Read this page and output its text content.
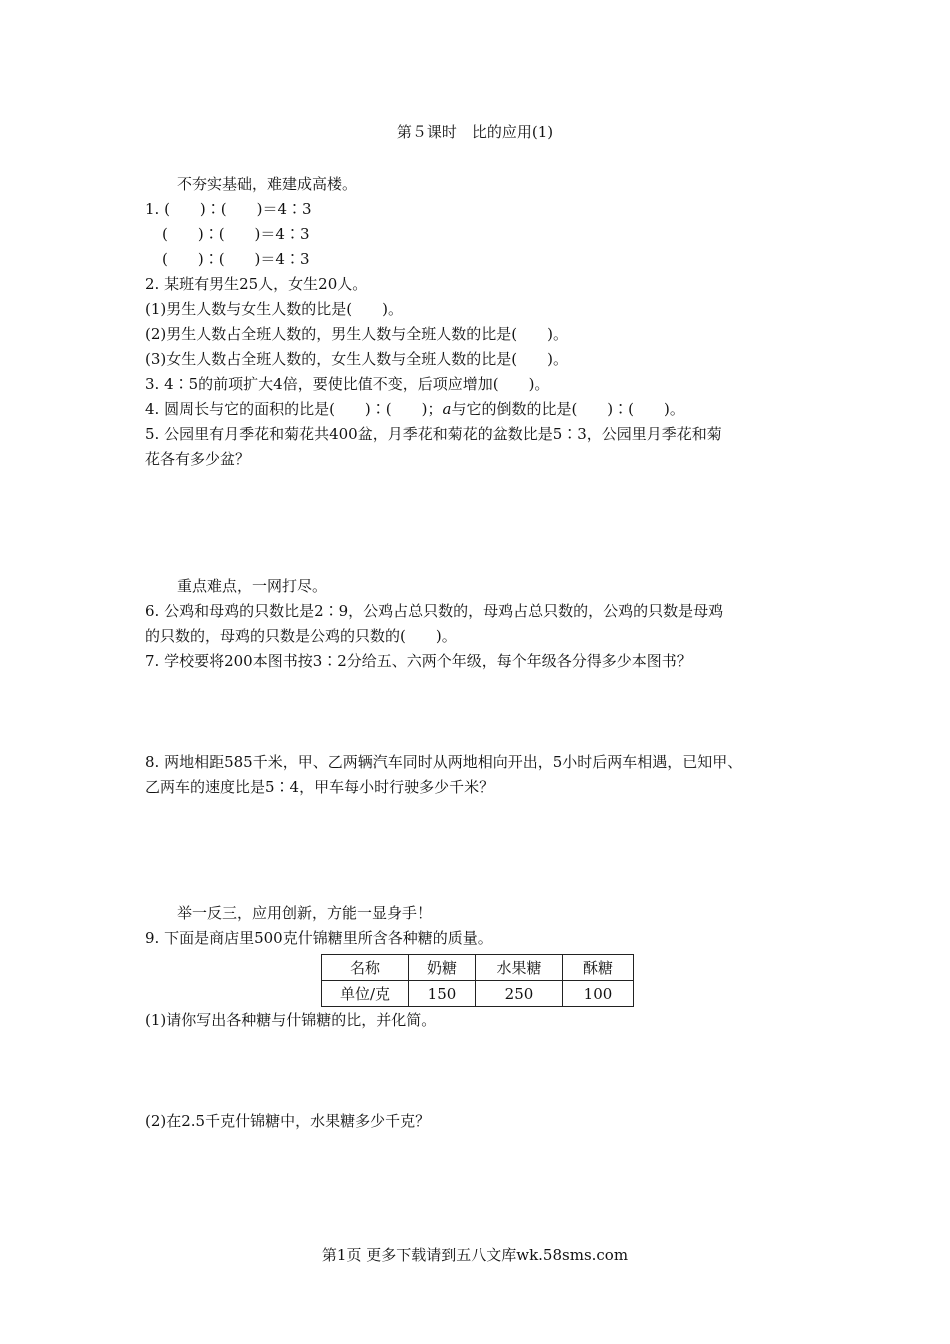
第５课时　比的应用(1)
不夯实基础，难建成高楼。
1. (　　)∶(　　)＝4∶3
(　　)∶(　　)＝4∶3
(　　)∶(　　)＝4∶3
2. 某班有男生25人，女生20人。
(1)男生人数与女生人数的比是(　　)。
(2)男生人数占全班人数的，男生人数与全班人数的比是(　　)。
(3)女生人数占全班人数的，女生人数与全班人数的比是(　　)。
3. 4∶5的前项扩大4倍，要使比值不变，后项应增加(　　)。
4. 圆周长与它的面积的比是(　　)∶(　　)；a与它的倒数的比是(　　)∶(　　)。
5. 公园里有月季花和菊花共400盆，月季花和菊花的盆数比是5∶3，公园里月季花和菊
花各有多少盆？
重点难点，一网打尽。
6. 公鸡和母鸡的只数比是2∶9，公鸡占总只数的，母鸡占总只数的，公鸡的只数是母鸡
的只数的，母鸡的只数是公鸡的只数的(　　)。
7. 学校要将200本图书按3∶2分给五、六两个年级，每个年级各分得多少本图书？
8. 两地相距585千米，甲、乙两辆汽车同时从两地相向开出，5小时后两车相遇，已知甲、
乙两车的速度比是5∶4，甲车每小时行驶多少千米？
举一反三，应用创新，方能一显身手！
9. 下面是商店里500克什锦糖里所含各种糖的质量。
名称	奶糖	水果糖	酥糖
单位/克	150	250	100
(1)请你写出各种糖与什锦糖的比，并化简。
(2)在2.5千克什锦糖中，水果糖多少千克？
第1页 更多下载请到五八文库wk.58sms.com
